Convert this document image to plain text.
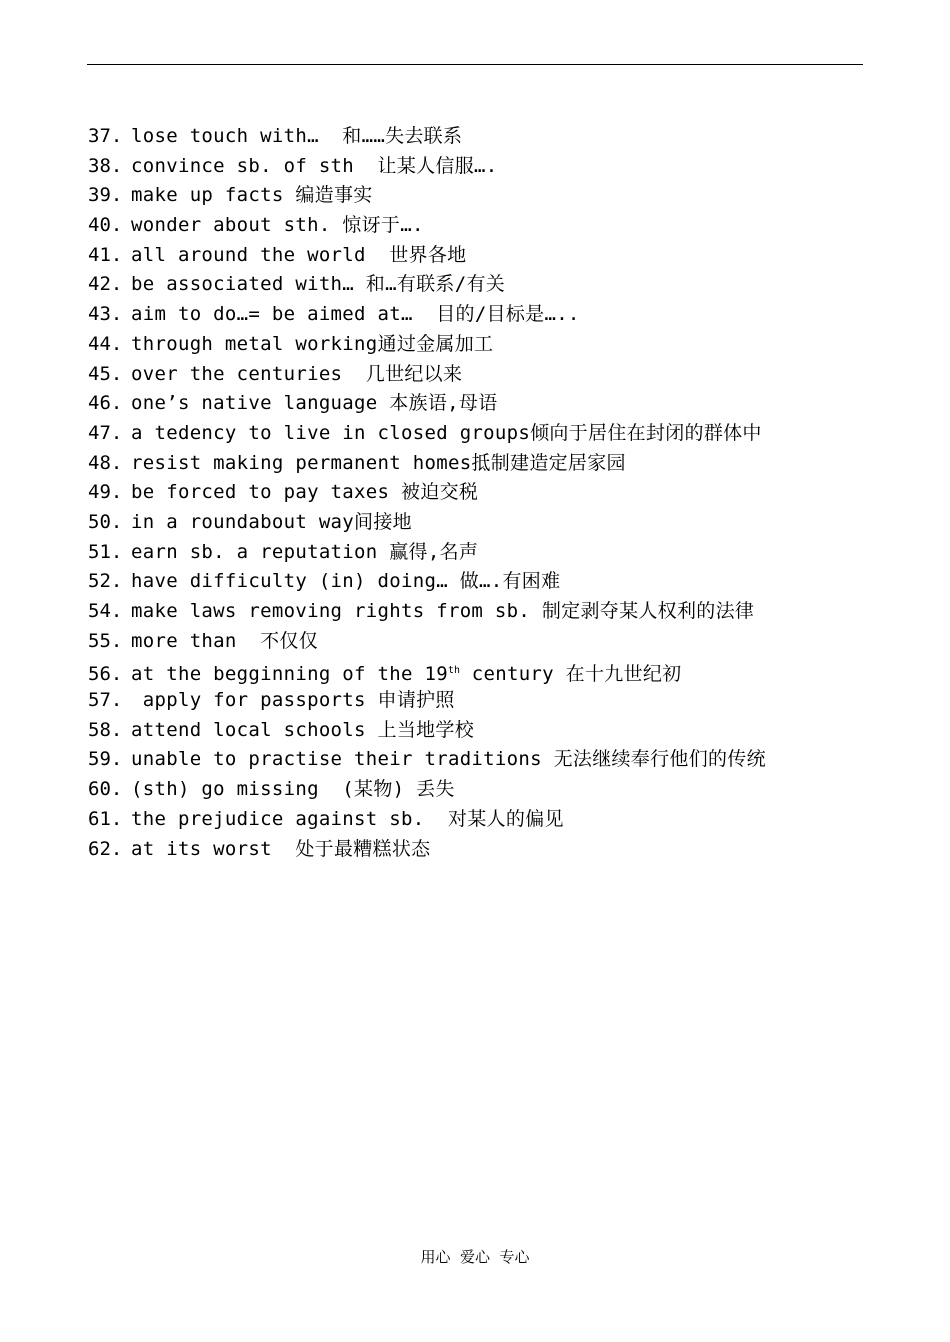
37. lose touch with…  和……失去联系
38. convince sb. of sth  让某人信服….
39. make up facts 编造事实
40. wonder about sth. 惊讶于….
41. all around the world  世界各地
42. be associated with… 和…有联系/有关
43. aim to do…= be aimed at…  目的/目标是…..
44. through metal working通过金属加工
45. over the centuries  几世纪以来
46. one’s native language 本族语,母语
47. a tedency to live in closed groups倾向于居住在封闭的群体中
48. resist making permanent homes抵制建造定居家园
49. be forced to pay taxes 被迫交税
50. in a roundabout way间接地
51. earn sb. a reputation 赢得,名声
52. have difficulty (in) doing… 做….有困难
54. make laws removing rights from sb. 制定剥夺某人权利的法律
55. more than  不仅仅
56. at the begginning of the 19th century 在十九世纪初
57. apply for passports 申请护照
58. attend local schools 上当地学校
59. unable to practise their traditions 无法继续奉行他们的传统
60. (sth) go missing  (某物) 丢失
61. the prejudice against sb.  对某人的偏见
62. at its worst  处于最糟糕状态
用心  爱心  专心
